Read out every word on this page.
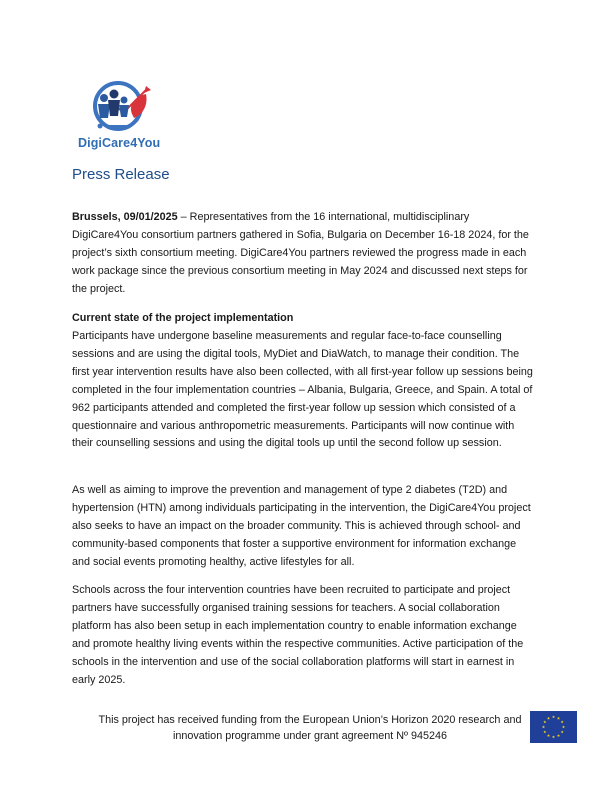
DigiCare4You
Press Release
Brussels, 09/01/2025 – Representatives from the 16 international, multidisciplinary DigiCare4You consortium partners gathered in Sofia, Bulgaria on December 16-18 2024, for the project’s sixth consortium meeting. DigiCare4You partners reviewed the progress made in each work package since the previous consortium meeting in May 2024 and discussed next steps for the project.
Current state of the project implementation
Participants have undergone baseline measurements and regular face-to-face counselling sessions and are using the digital tools, MyDiet and DiaWatch, to manage their condition. The first year intervention results have also been collected, with all first-year follow up sessions being completed in the four implementation countries – Albania, Bulgaria, Greece, and Spain. A total of 962 participants attended and completed the first-year follow up session which consisted of a questionnaire and various anthropometric measurements. Participants will now continue with their counselling sessions and using the digital tools up until the second follow up session.
As well as aiming to improve the prevention and management of type 2 diabetes (T2D) and hypertension (HTN) among individuals participating in the intervention, the DigiCare4You project also seeks to have an impact on the broader community. This is achieved through school- and community-based components that foster a supportive environment for information exchange and social events promoting healthy, active lifestyles for all.
Schools across the four intervention countries have been recruited to participate and project partners have successfully organised training sessions for teachers. A social collaboration platform has also been setup in each implementation country to enable information exchange and promote healthy living events within the respective communities. Active participation of the schools in the intervention and use of the social collaboration platforms will start in earnest in early 2025.
This project has received funding from the European Union’s Horizon 2020 research and innovation programme under grant agreement Nº 945246
